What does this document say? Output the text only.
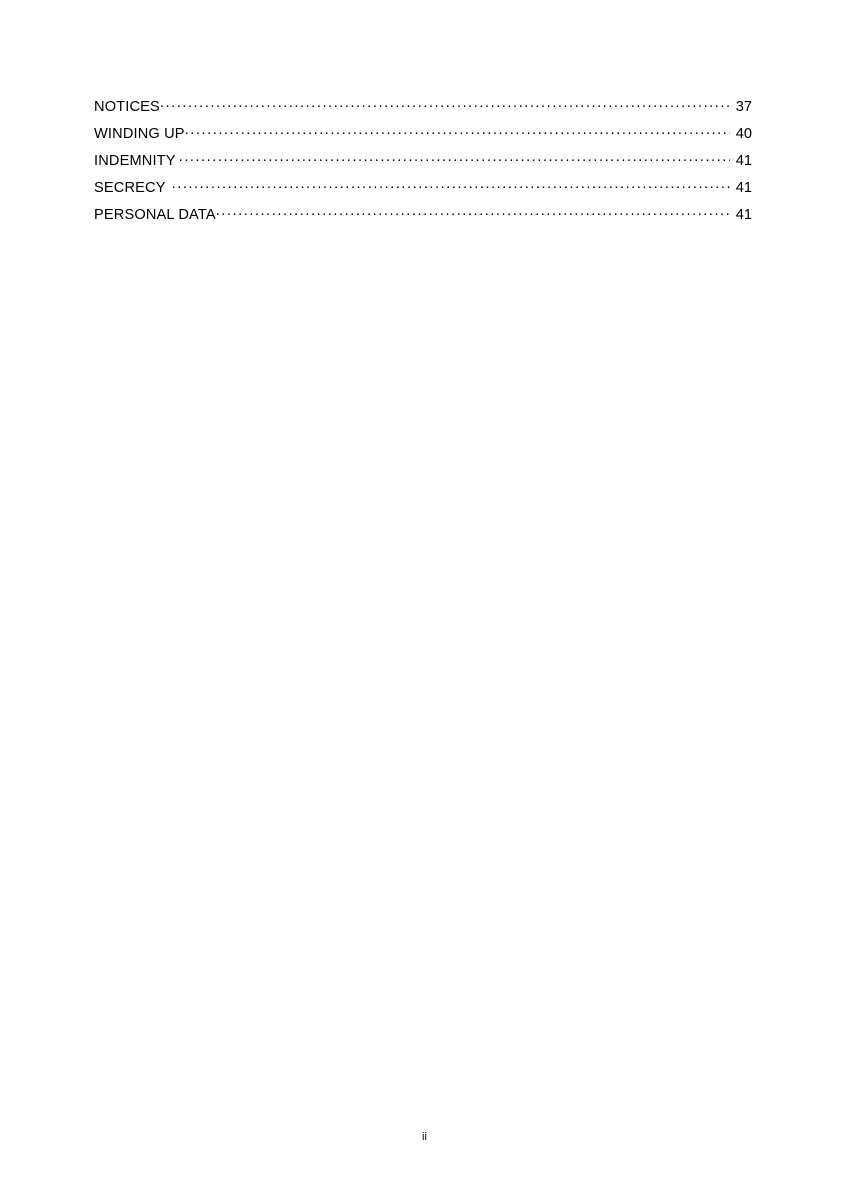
NOTICES .....	37
WINDING UP .....	40
INDEMNITY .....	41
SECRECY .....	41
PERSONAL DATA .....	41
ii
